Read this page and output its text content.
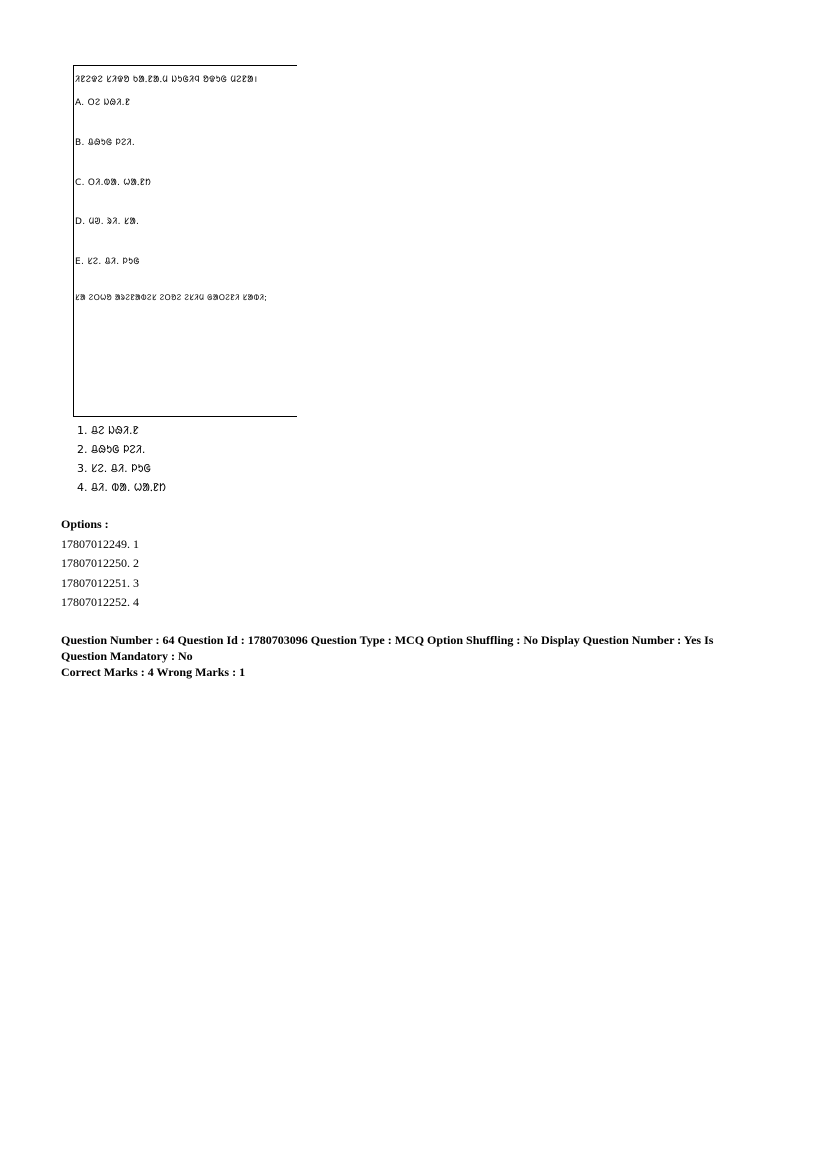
ᱤᱱᱮᱫᱮ ᱥᱤᱫᱚ ᱠᱟᱹᱱᱟᱹᱢ ᱡᱩᱜᱤᱧ ᱚᱫᱩᱜ ᱢᱮᱱᱟ।
A. ᱛᱮ ᱡᱷᱤ.ᱱ
B. ᱪᱷᱩᱜ ᱞᱮᱤ.
C. ᱛᱤ.ᱵᱟ. ᱦᱟᱹᱱᱴ
D. ᱢᱣ. ᱨᱤ. ᱥᱟ.
E. ᱥᱮ. ᱪᱤ. ᱞᱩᱜ
ᱥᱟ ᱮᱛᱦᱚ ᱟᱨᱮᱱᱟᱵᱮᱥ ᱮᱛᱚᱮ ᱮᱥᱤᱢ ᱜᱟᱛᱮᱱᱤ ᱥᱟᱵᱤ;
1. ᱪᱮ ᱡᱷᱤ.ᱱ
2. ᱪᱷᱩᱜ ᱞᱮᱤ.
3. ᱥᱮ. ᱪᱤ. ᱞᱩᱜ
4. ᱪᱤ. ᱵᱟ. ᱦᱟᱹᱱᱴ
Options :
17807012249. 1
17807012250. 2
17807012251. 3
17807012252. 4
Question Number : 64 Question Id : 1780703096 Question Type : MCQ Option Shuffling : No Display Question Number : Yes Is
Question Mandatory : No
Correct Marks : 4 Wrong Marks : 1
